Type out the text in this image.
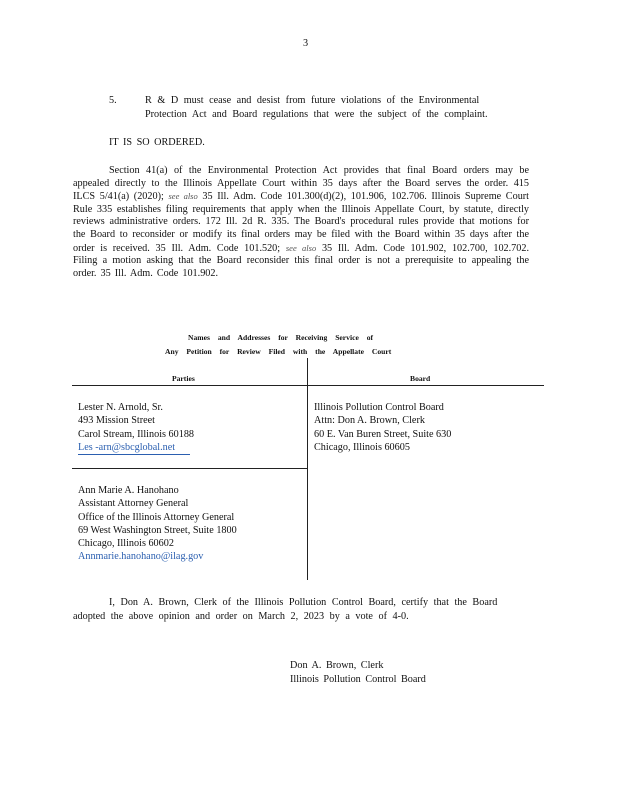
3
5.	R & D must cease and desist from future violations of the Environmental
Protection Act and Board regulations that were the subject of the complaint.
IT IS SO ORDERED.
Section 41(a) of the Environmental Protection Act provides that final Board orders may be appealed directly to the Illinois Appellate Court within 35 days after the Board serves the order. 415 ILCS 5/41(a) (2020); see also 35 Ill. Adm. Code 101.300(d)(2), 101.906, 102.706. Illinois Supreme Court Rule 335 establishes filing requirements that apply when the Illinois Appellate Court, by statute, directly reviews administrative orders. 172 Ill. 2d R. 335. The Board's procedural rules provide that motions for the Board to reconsider or modify its final orders may be filed with the Board within 35 days after the order is received. 35 Ill. Adm. Code 101.520; see also 35 Ill. Adm. Code 101.902, 102.700, 102.702. Filing a motion asking that the Board reconsider this final order is not a prerequisite to appealing the order. 35 Ill. Adm. Code 101.902.
Names and Addresses for Receiving Service of
Any Petition for Review Filed with the Appellate Court
Parties	Board
Lester N. Arnold, Sr.
493 Mission Street
Carol Stream, Illinois 60188
Les -arn@sbcglobal.net
Illinois Pollution Control Board
Attn: Don A. Brown, Clerk
60 E. Van Buren Street, Suite 630
Chicago, Illinois 60605
Ann Marie A. Hanohano
Assistant Attorney General
Office of the Illinois Attorney General
69 West Washington Street, Suite 1800
Chicago, Illinois 60602
Annmarie.hanohano@ilag.gov
I, Don A. Brown, Clerk of the Illinois Pollution Control Board, certify that the Board
adopted the above opinion and order on March 2, 2023 by a vote of 4-0.
Don A. Brown, Clerk
Illinois Pollution Control Board
